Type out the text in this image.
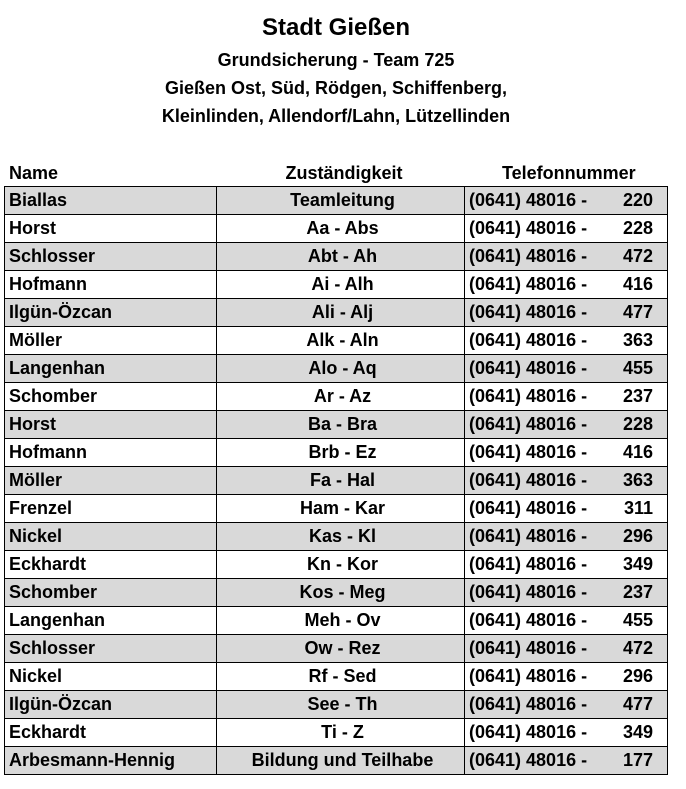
Stadt Gießen
Grundsicherung - Team 725
Gießen Ost, Süd, Rödgen, Schiffenberg,
Kleinlinden, Allendorf/Lahn, Lützellinden
Name	Zuständigkeit	Telefonnummer
Biallas	Teamleitung	(0641) 48016 - 220
Horst	Aa - Abs	(0641) 48016 - 228
Schlosser	Abt - Ah	(0641) 48016 - 472
Hofmann	Ai - Alh	(0641) 48016 - 416
Ilgün-Özcan	Ali - Alj	(0641) 48016 - 477
Möller	Alk - Aln	(0641) 48016 - 363
Langenhan	Alo - Aq	(0641) 48016 - 455
Schomber	Ar - Az	(0641) 48016 - 237
Horst	Ba - Bra	(0641) 48016 - 228
Hofmann	Brb - Ez	(0641) 48016 - 416
Möller	Fa - Hal	(0641) 48016 - 363
Frenzel	Ham - Kar	(0641) 48016 - 311
Nickel	Kas - Kl	(0641) 48016 - 296
Eckhardt	Kn - Kor	(0641) 48016 - 349
Schomber	Kos - Meg	(0641) 48016 - 237
Langenhan	Meh - Ov	(0641) 48016 - 455
Schlosser	Ow - Rez	(0641) 48016 - 472
Nickel	Rf - Sed	(0641) 48016 - 296
Ilgün-Özcan	See - Th	(0641) 48016 - 477
Eckhardt	Ti - Z	(0641) 48016 - 349
Arbesmann-Hennig	Bildung und Teilhabe	(0641) 48016 - 177
